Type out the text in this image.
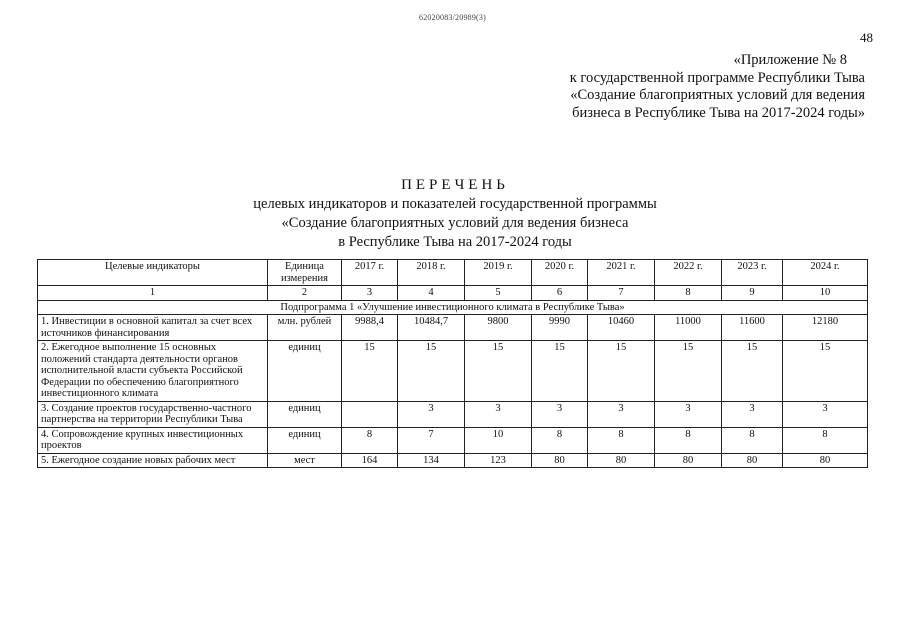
62020083/20989(3)
48
«Приложение № 8
к государственной программе Республики Тыва
«Создание благоприятных условий для ведения
бизнеса в Республике Тыва на 2017-2024 годы»
ПЕРЕЧЕНЬ
целевых индикаторов и показателей государственной программы
«Создание благоприятных условий для ведения бизнеса
в Республике Тыва на 2017-2024 годы
Целевые индикаторы	Единица измерения	2017 г.	2018 г.	2019 г.	2020 г.	2021 г.	2022 г.	2023 г.	2024 г.
1	2	3	4	5	6	7	8	9	10
Подпрограмма 1 «Улучшение инвестиционного климата в Республике Тыва»									
1. Инвестиции в основной капитал за счет всех источников финансирования	млн. рублей	9988,4	10484,7	9800	9990	10460	11000	11600	12180
2. Ежегодное выполнение 15 основных положений стандарта деятельности органов исполнительной власти субъекта Российской Федерации по обеспечению благоприятного инвестиционного климата	единиц	15	15	15	15	15	15	15	15
3. Создание проектов государственно-частного партнерства на территории Республики Тыва	единиц		3	3	3	3	3	3	3
4. Сопровождение крупных инвестиционных проектов	единиц	8	7	10	8	8	8	8	8
5. Ежегодное создание новых рабочих мест	мест	164	134	123	80	80	80	80	80
